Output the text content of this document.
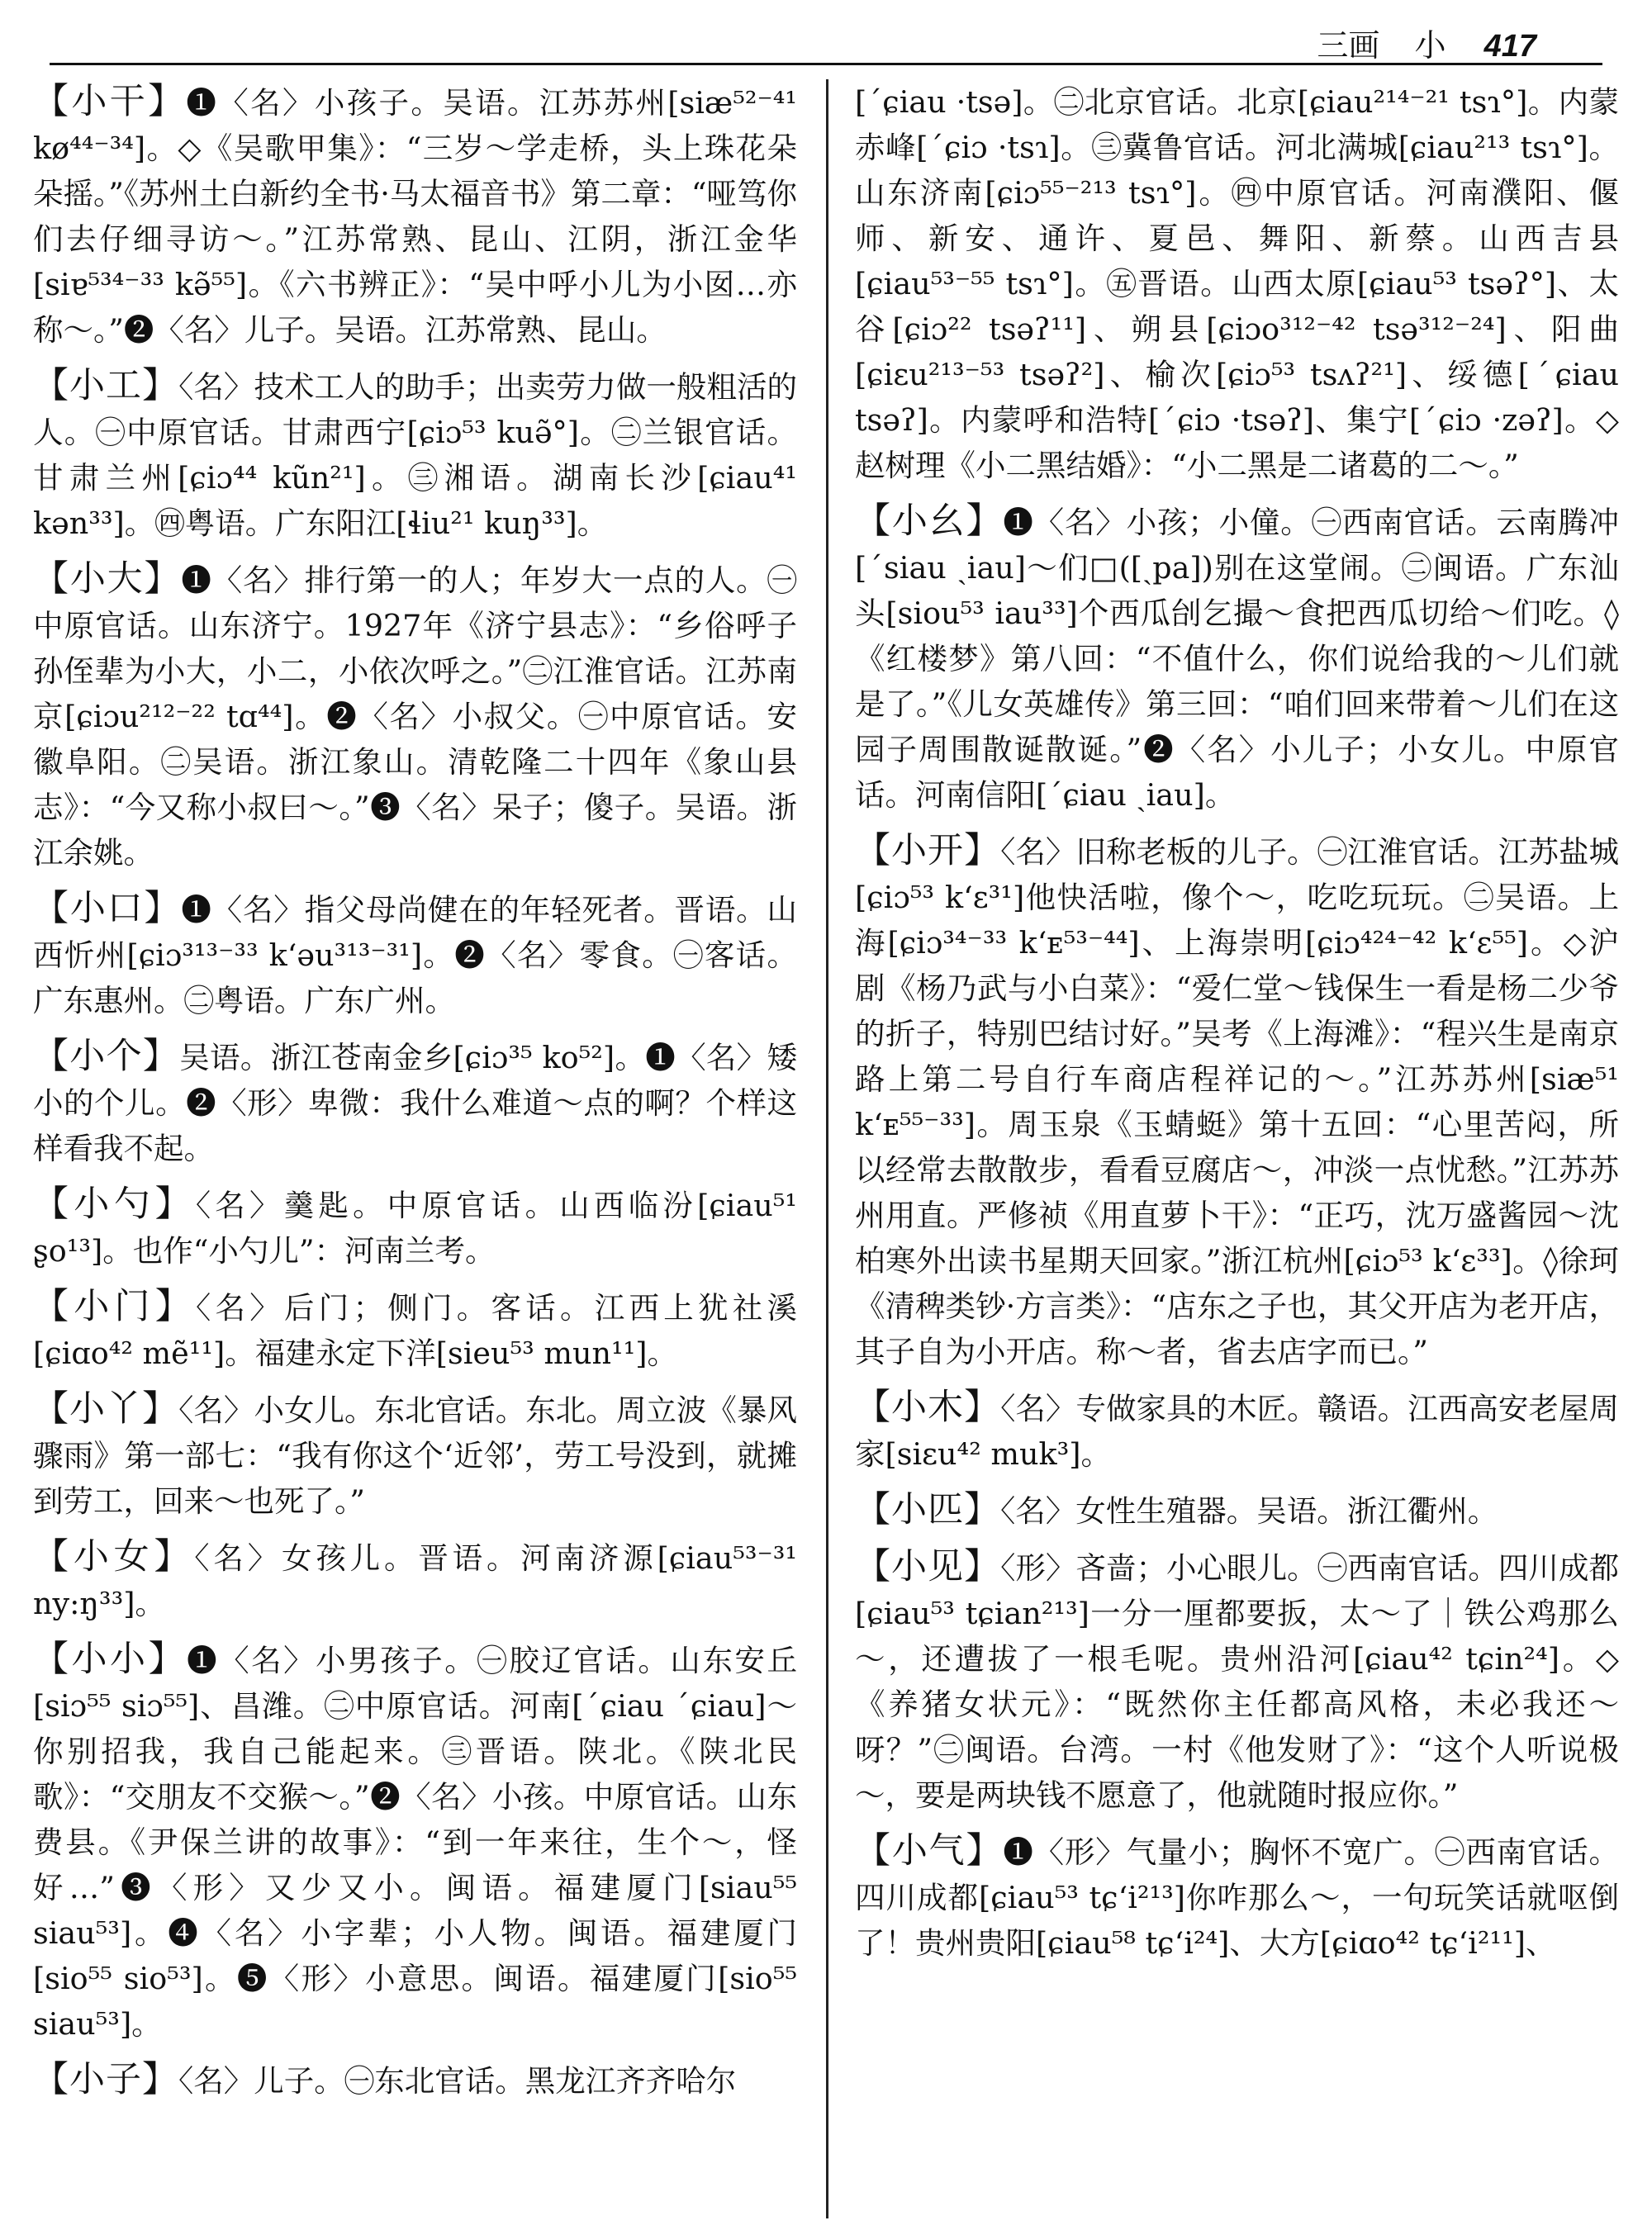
三画 小 417

【小干】❶〈名〉小孩子。吴语。江苏苏州[siæ⁵²⁻⁴¹ kø⁴⁴⁻³⁴]。◇《吴歌甲集》：“三岁～学走桥，头上珠花朵朵摇。”《苏州土白新约全书·马太福音书》第二章：“哑笃你们去仔细寻访～。”江苏常熟、昆山、江阴，浙江金华[siɐ⁵³⁴⁻³³ kə̃⁵⁵]。《六书辨正》：“吴中呼小儿为小囡…亦称～。”❷〈名〉儿子。吴语。江苏常熟、昆山。

【小工】〈名〉技术工人的助手；出卖劳力做一般粗活的人。㊀中原官话。甘肃西宁[ɕiɔ⁵³ kuə̃°]。㊁兰银官话。甘肃兰州[ɕiɔ⁴⁴ kũn²¹]。㊂湘语。湖南长沙[ɕiau⁴¹ kən³³]。㊃粤语。广东阳江[ɬiu²¹ kuŋ³³]。

【小大】❶〈名〉排行第一的人；年岁大一点的人。㊀中原官话。山东济宁。1927年《济宁县志》：“乡俗呼子孙侄辈为小大，小二，小依次呼之。”㊁江淮官话。江苏南京[ɕiɔu²¹²⁻²² tɑ⁴⁴]。❷〈名〉小叔父。㊀中原官话。安徽阜阳。㊁吴语。浙江象山。清乾隆二十四年《象山县志》：“今又称小叔曰～。”❸〈名〉呆子；傻子。吴语。浙江余姚。

【小口】❶〈名〉指父母尚健在的年轻死者。晋语。山西忻州[ɕiɔ³¹³⁻³³ k‘əu³¹³⁻³¹]。❷〈名〉零食。㊀客话。广东惠州。㊁粤语。广东广州。

【小个】吴语。浙江苍南金乡[ɕiɔ³⁵ ko⁵²]。❶〈名〉矮小的个儿。❷〈形〉卑微：我什么难道～点的啊？个样这样看我不起。

【小勺】〈名〉羹匙。中原官话。山西临汾[ɕiau⁵¹ ʂo¹³]。也作“小勺儿”：河南兰考。

【小门】〈名〉后门；侧门。客话。江西上犹社溪[ɕiɑo⁴² mẽ¹¹]。福建永定下洋[sieu⁵³ mun¹¹]。

【小丫】〈名〉小女儿。东北官话。东北。周立波《暴风骤雨》第一部七：“我有你这个‘近邻’，劳工号没到，就摊到劳工，回来～也死了。”

【小女】〈名〉女孩儿。晋语。河南济源[ɕiau⁵³⁻³¹ ny:ŋ³³]。

【小小】❶〈名〉小男孩子。㊀胶辽官话。山东安丘[siɔ⁵⁵ siɔ⁵⁵]、昌潍。㊁中原官话。河南[ˊɕiau ˊɕiau]～你别招我，我自己能起来。㊂晋语。陕北。《陕北民歌》：“交朋友不交猴～。”❷〈名〉小孩。中原官话。山东费县。《尹保兰讲的故事》：“到一年来往，生个～，怪好…”❸〈形〉又少又小。闽语。福建厦门[siau⁵⁵ siau⁵³]。❹〈名〉小字辈；小人物。闽语。福建厦门[sio⁵⁵ sio⁵³]。❺〈形〉小意思。闽语。福建厦门[sio⁵⁵ siau⁵³]。

【小子】〈名〉儿子。㊀东北官话。黑龙江齐齐哈尔

[ˊɕiau ·tsə]。㊁北京官话。北京[ɕiau²¹⁴⁻²¹ tsɿ°]。内蒙赤峰[ˊɕiɔ ·tsɿ]。㊂冀鲁官话。河北满城[ɕiau²¹³ tsɿ°]。山东济南[ɕiɔ⁵⁵⁻²¹³ tsɿ°]。㊃中原官话。河南濮阳、偃师、新安、通许、夏邑、舞阳、新蔡。山西吉县[ɕiau⁵³⁻⁵⁵ tsɿ°]。㊄晋语。山西太原[ɕiau⁵³ tsəʔ°]、太谷[ɕiɔ²² tsəʔ¹¹]、朔县[ɕiɔo³¹²⁻⁴² tsə³¹²⁻²⁴]、阳曲[ɕiɛu²¹³⁻⁵³ tsəʔ²]、榆次[ɕiɔ⁵³ tsʌʔ²¹]、绥德[ˊɕiau tsəʔ]。内蒙呼和浩特[ˊɕiɔ ·tsəʔ]、集宁[ˊɕiɔ ·zəʔ]。◇赵树理《小二黑结婚》：“小二黑是二诸葛的二～。”

【小幺】❶〈名〉小孩；小僮。㊀西南官话。云南腾冲[ˊsiau ˎiau]～们□([ˎpa])别在这堂闹。㊁闽语。广东汕头[siou⁵³ iau³³]个西瓜刣乞撮～食把西瓜切给～们吃。◊《红楼梦》第八回：“不值什么，你们说给我的～儿们就是了。”《儿女英雄传》第三回：“咱们回来带着～儿们在这园子周围散诞散诞。”❷〈名〉小儿子；小女儿。中原官话。河南信阳[ˊɕiau ˎiau]。

【小开】〈名〉旧称老板的儿子。㊀江淮官话。江苏盐城[ɕiɔ⁵³ k‘ɛ³¹]他快活啦，像个～，吃吃玩玩。㊁吴语。上海[ɕiɔ³⁴⁻³³ k‘ᴇ⁵³⁻⁴⁴]、上海崇明[ɕiɔ⁴²⁴⁻⁴² k‘ɛ⁵⁵]。◇沪剧《杨乃武与小白菜》：“爱仁堂～钱保生一看是杨二少爷的折子，特别巴结讨好。”吴考《上海滩》：“程兴生是南京路上第二号自行车商店程祥记的～。”江苏苏州[siæ⁵¹ k‘ᴇ⁵⁵⁻³³]。周玉泉《玉蜻蜓》第十五回：“心里苦闷，所以经常去散散步，看看豆腐店～，冲淡一点忧愁。”江苏苏州用直。严修祯《用直萝卜干》：“正巧，沈万盛酱园～沈柏寒外出读书星期天回家。”浙江杭州[ɕiɔ⁵³ k‘ɛ³³]。◊徐珂《清稗类钞·方言类》：“店东之子也，其父开店为老开店，其子自为小开店。称～者，省去店字而已。”

【小木】〈名〉专做家具的木匠。赣语。江西高安老屋周家[siɛu⁴² muk³]。

【小匹】〈名〉女性生殖器。吴语。浙江衢州。

【小见】〈形〉吝啬；小心眼儿。㊀西南官话。四川成都[ɕiau⁵³ tɕian²¹³]一分一厘都要扳，太～了｜铁公鸡那么～，还遭拔了一根毛呢。贵州沿河[ɕiau⁴² tɕin²⁴]。◇《养猪女状元》：“既然你主任都高风格，未必我还～呀？”㊁闽语。台湾。一村《他发财了》：“这个人听说极～，要是两块钱不愿意了，他就随时报应你。”

【小气】❶〈形〉气量小；胸怀不宽广。㊀西南官话。四川成都[ɕiau⁵³ tɕ‘i²¹³]你咋那么～，一句玩笑话就呕倒了！贵州贵阳[ɕiau⁵⁸ tɕ‘i²⁴]、大方[ɕiɑo⁴² tɕ‘i²¹¹]、
